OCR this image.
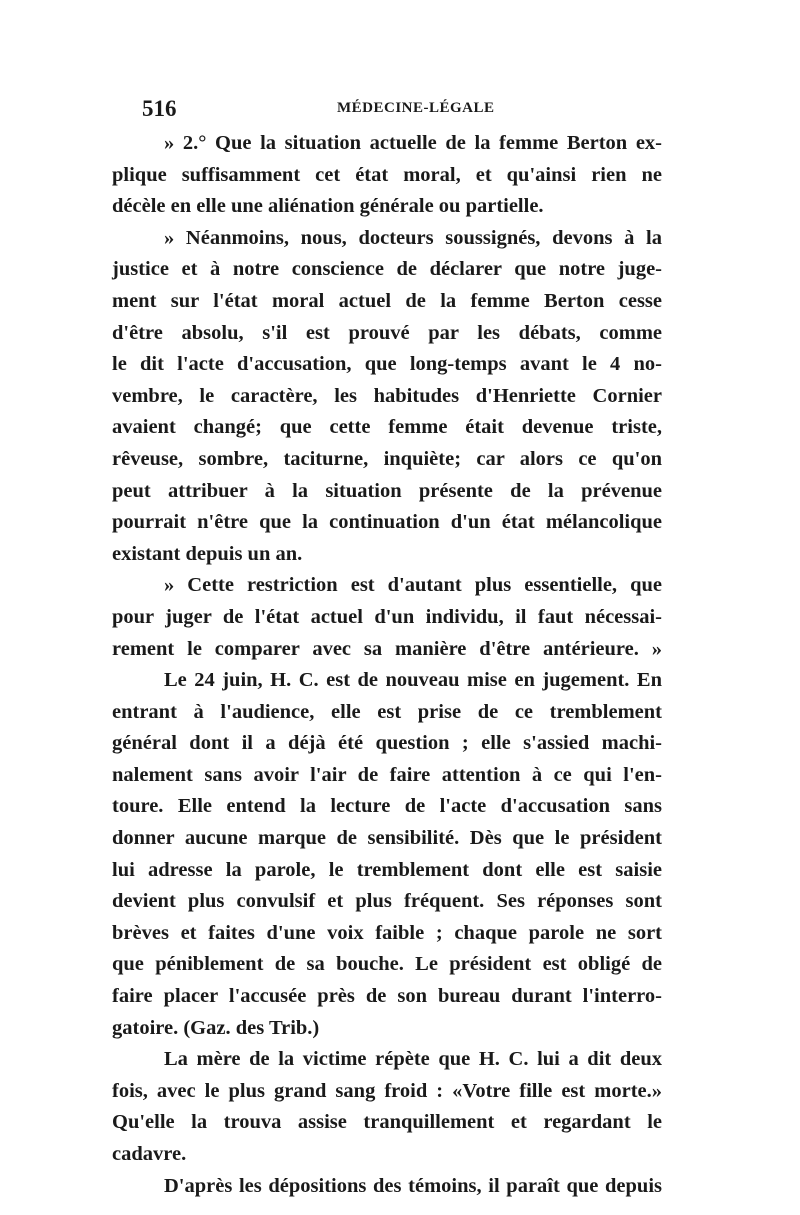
516	MÉDECINE-LÉGALE
» 2.° Que la situation actuelle de la femme Berton ex-
plique suffisamment cet état moral, et qu'ainsi rien ne
décèle en elle une aliénation générale ou partielle.
» Néanmoins, nous, docteurs soussignés, devons à la
justice et à notre conscience de déclarer que notre juge-
ment sur l'état moral actuel de la femme Berton cesse
d'être absolu, s'il est prouvé par les débats, comme
le dit l'acte d'accusation, que long-temps avant le 4 no-
vembre, le caractère, les habitudes d'Henriette Cornier
avaient changé; que cette femme était devenue triste,
rêveuse, sombre, taciturne, inquiète; car alors ce qu'on
peut attribuer à la situation présente de la prévenue
pourrait n'être que la continuation d'un état mélancolique
existant depuis un an.
» Cette restriction est d'autant plus essentielle, que
pour juger de l'état actuel d'un individu, il faut nécessai-
rement le comparer avec sa manière d'être antérieure. »
Le 24 juin, H. C. est de nouveau mise en jugement. En
entrant à l'audience, elle est prise de ce tremblement
général dont il a déjà été question ; elle s'assied machi-
nalement sans avoir l'air de faire attention à ce qui l'en-
toure. Elle entend la lecture de l'acte d'accusation sans
donner aucune marque de sensibilité. Dès que le président
lui adresse la parole, le tremblement dont elle est saisie
devient plus convulsif et plus fréquent. Ses réponses sont
brèves et faites d'une voix faible ; chaque parole ne sort
que péniblement de sa bouche. Le président est obligé de
faire placer l'accusée près de son bureau durant l'interro-
gatoire. (Gaz. des Trib.)
La mère de la victime répète que H. C. lui a dit deux
fois, avec le plus grand sang froid : «Votre fille est morte.»
Qu'elle la trouva assise tranquillement et regardant le
cadavre.
D'après les dépositions des témoins, il paraît que depuis
